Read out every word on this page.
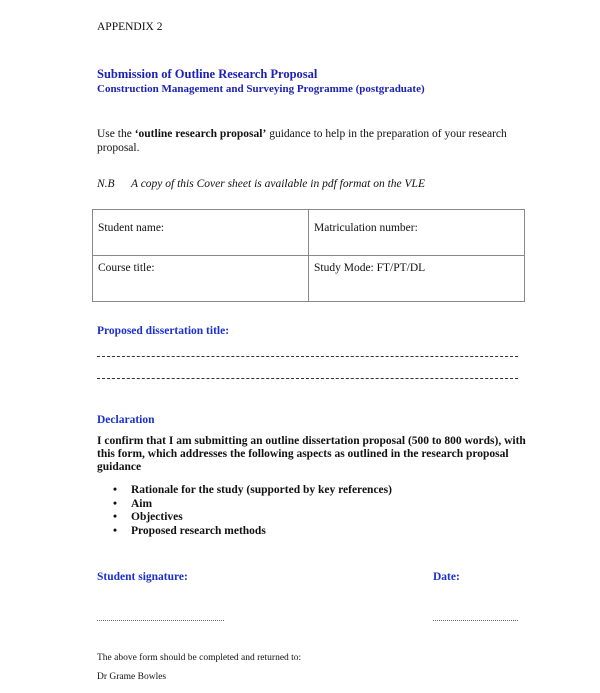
APPENDIX 2
Submission of Outline Research Proposal
Construction Management and Surveying Programme (postgraduate)
Use the ‘outline research proposal’ guidance to help in the preparation of your research
proposal.
N.B A copy of this Cover sheet is available in pdf format on the VLE
Student name:	Matriculation number:
Course title:	Study Mode: FT/PT/DL
Proposed dissertation title:
Declaration
I confirm that I am submitting an outline dissertation proposal (500 to 800 words), with
this form, which addresses the following aspects as outlined in the research proposal
guidance
• Rationale for the study (supported by key references)
• Aim
• Objectives
• Proposed research methods
Student signature:	Date:
The above form should be completed and returned to:
Dr Grame Bowles
